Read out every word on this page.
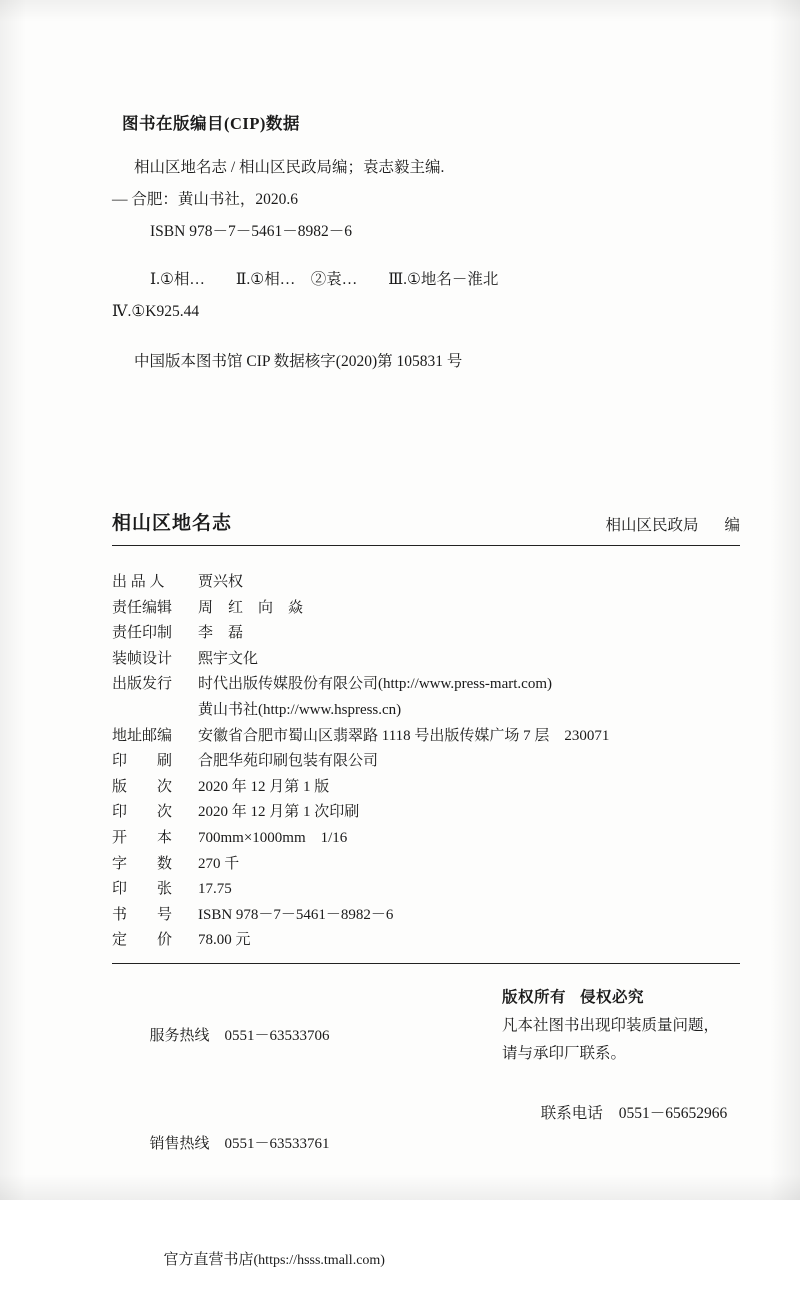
图书在版编目(CIP)数据
相山区地名志 / 相山区民政局编；袁志毅主编.
— 合肥：黄山书社，2020.6
ISBN 978－7－5461－8982－6
Ⅰ.①相…　　Ⅱ.①相…　②袁…　　Ⅲ.①地名－淮北
Ⅳ.①K925.44
中国版本图书馆 CIP 数据核字(2020)第 105831 号
相山区地名志	相山区民政局 编
出 品 人	贾兴权
责任编辑	周　红　向　焱
责任印制	李　磊
装帧设计	熙宇文化
出版发行	时代出版传媒股份有限公司(http://www.press-mart.com)
黄山书社(http://www.hspress.cn)
地址邮编	安徽省合肥市蜀山区翡翠路 1118 号出版传媒广场 7 层　230071
印　　刷	合肥华苑印刷包装有限公司
版　　次	2020 年 12 月第 1 版
印　　次	2020 年 12 月第 1 次印刷
开　　本	700mm×1000mm　1/16
字　　数	270 千
印　　张	17.75
书　　号	ISBN 978－7－5461－8982－6
定　　价	78.00 元

服务热线　 0551－63533706

销售热线　 0551－63533761

官方直营书店(https://hsss.tmall.com)

版权所有 侵权必究
凡本社图书出现印装质量问题，
请与承印厂联系。

联系电话 0551－65652966
